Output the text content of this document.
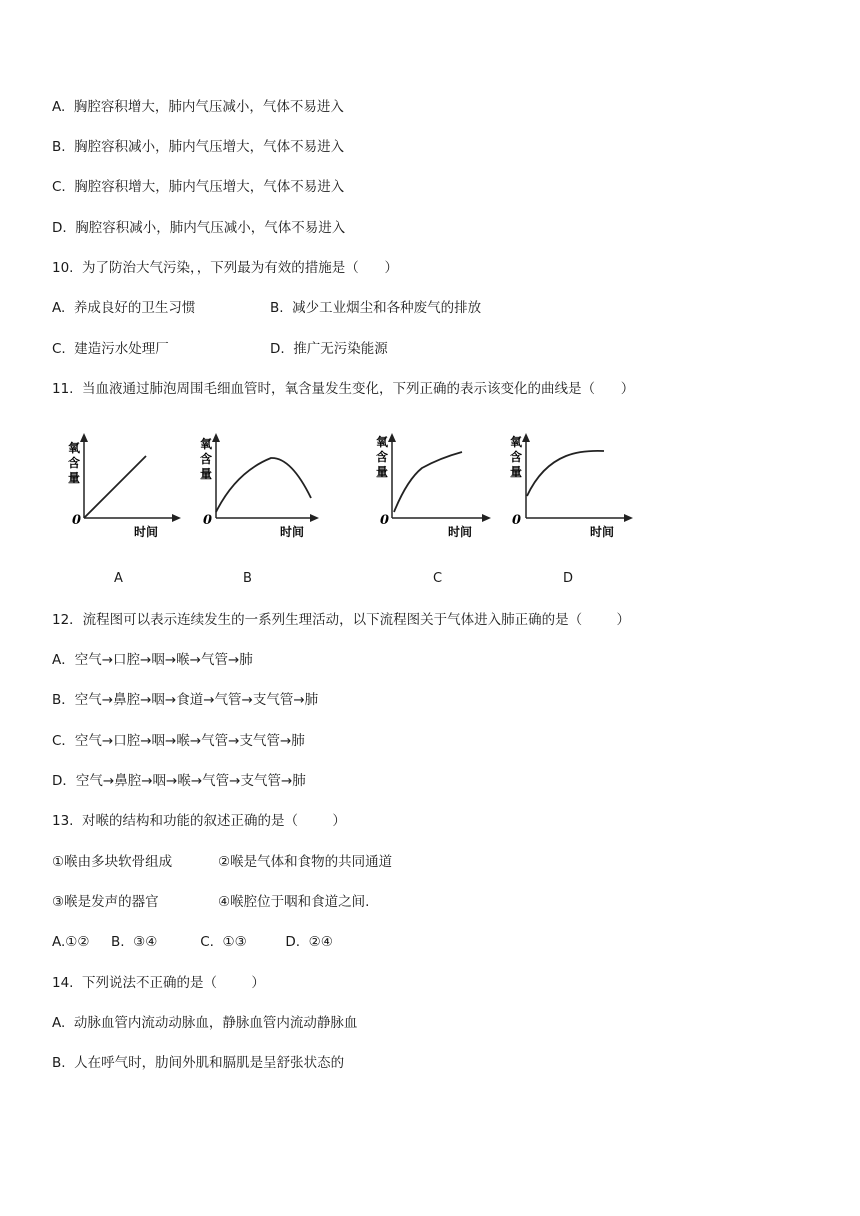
A.  胸腔容积增大，肺内气压减小，气体不易进入
B.  胸腔容积减小，肺内气压增大，气体不易进入
C.  胸腔容积增大，肺内气压增大，气体不易进入
D.  胸腔容积减小，肺内气压减小，气体不易进入
10.  为了防治大气污染，，下列最为有效的措施是（      ）
A.  养成良好的卫生习惯	B.  减少工业烟尘和各种废气的排放
C.  建造污水处理厂	D.  推广无污染能源
11.  当血液通过肺泡周围毛细血管时，氧含量发生变化，下列正确的表示该变化的曲线是（      ）
氧
含
量
0
时间
氧
含
量
0
时间
氧
含
量
0
时间
氧
含
量
0
时间
A	B	C	D
12．流程图可以表示连续发生的一系列生理活动，以下流程图关于气体进入肺正确的是（        ）
A．空气→口腔→咽→喉→气管→肺
B．空气→鼻腔→咽→食道→气管→支气管→肺
C．空气→口腔→咽→喉→气管→支气管→肺
D．空气→鼻腔→咽→喉→气管→支气管→肺
13.  对喉的结构和功能的叙述正确的是（        ）
①喉由多块软骨组成	②喉是气体和食物的共同通道
③喉是发声的器官	④喉腔位于咽和食道之间.
A.①②     B.  ③④          C.  ①③         D.  ②④
14.  下列说法不正确的是（        ）
A.  动脉血管内流动动脉血，静脉血管内流动静脉血
B.  人在呼气时，肋间外肌和膈肌是呈舒张状态的
